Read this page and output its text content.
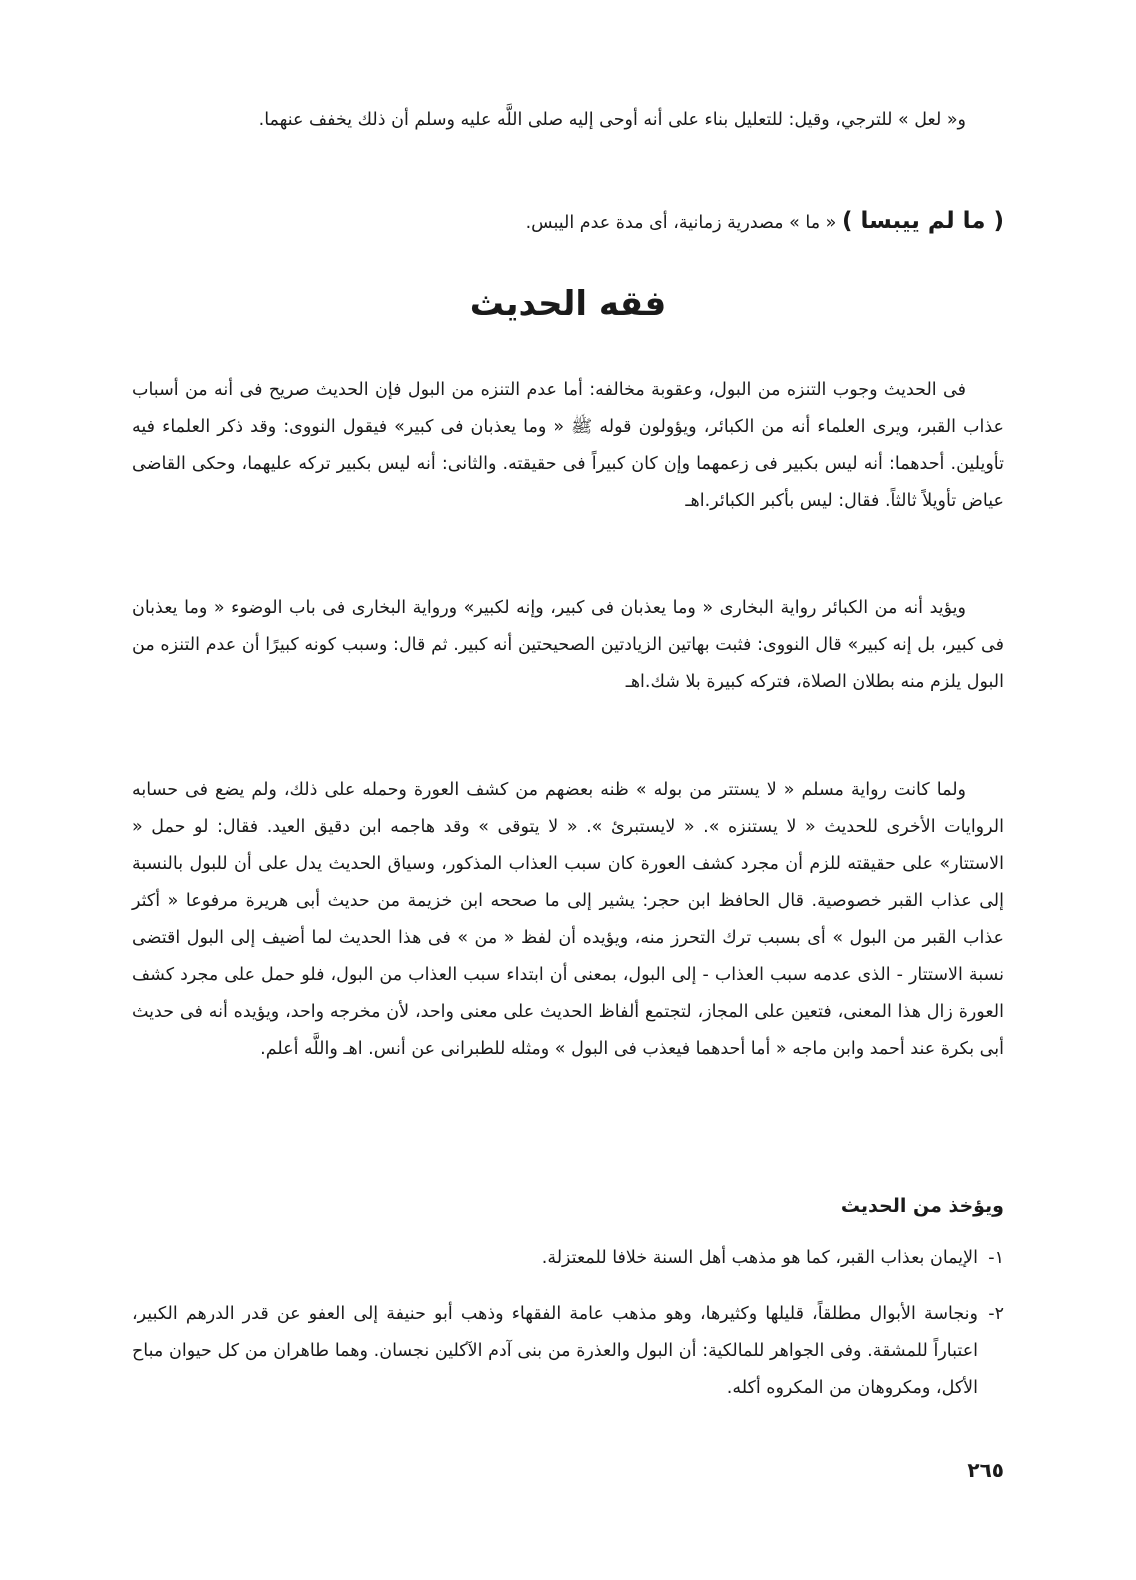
و« لعل » للترجي، وقيل: للتعليل بناء على أنه أوحى إليه صلى اللَّه عليه وسلم أن ذلك يخفف عنهما.

( ما لم ييبسا ) « ما » مصدرية زمانية، أى مدة عدم اليبس.

فقه الحديث

فى الحديث وجوب التنزه من البول، وعقوبة مخالفه: أما عدم التنزه من البول فإن الحديث صريح فى أنه من أسباب عذاب القبر، ويرى العلماء أنه من الكبائر، ويؤولون قوله ﷺ « وما يعذبان فى كبير» فيقول النووى: وقد ذكر العلماء فيه تأويلين. أحدهما: أنه ليس بكبير فى زعمهما وإن كان كبيراً فى حقيقته. والثانى: أنه ليس بكبير تركه عليهما، وحكى القاضى عياض تأويلاً ثالثاً. فقال: ليس بأكبر الكبائر.اهـ

ويؤيد أنه من الكبائر رواية البخارى « وما يعذبان فى كبير، وإنه لكبير» ورواية البخارى فى باب الوضوء « وما يعذبان فى كبير، بل إنه كبير» قال النووى: فثبت بهاتين الزيادتين الصحيحتين أنه كبير. ثم قال: وسبب كونه كبيرًا أن عدم التنزه من البول يلزم منه بطلان الصلاة، فتركه كبيرة بلا شك.اهـ

ولما كانت رواية مسلم « لا يستتر من بوله » ظنه بعضهم من كشف العورة وحمله على ذلك، ولم يضع فى حسابه الروايات الأخرى للحديث « لا يستنزه ». « لايستبرئ ». « لا يتوقى » وقد هاجمه ابن دقيق العيد. فقال: لو حمل « الاستتار» على حقيقته للزم أن مجرد كشف العورة كان سبب العذاب المذكور، وسياق الحديث يدل على أن للبول بالنسبة إلى عذاب القبر خصوصية. قال الحافظ ابن حجر: يشير إلى ما صححه ابن خزيمة من حديث أبى هريرة مرفوعا « أكثر عذاب القبر من البول » أى بسبب ترك التحرز منه، ويؤيده أن لفظ « من » فى هذا الحديث لما أضيف إلى البول اقتضى نسبة الاستتار - الذى عدمه سبب العذاب - إلى البول، بمعنى أن ابتداء سبب العذاب من البول، فلو حمل على مجرد كشف العورة زال هذا المعنى، فتعين على المجاز، لتجتمع ألفاظ الحديث على معنى واحد، لأن مخرجه واحد، ويؤيده أنه فى حديث أبى بكرة عند أحمد وابن ماجه « أما أحدهما فيعذب فى البول » ومثله للطبرانى عن أنس. اهـ واللَّه أعلم.

ويؤخذ من الحديث
١-
الإيمان بعذاب القبر، كما هو مذهب أهل السنة خلافا للمعتزلة.
٢-
ونجاسة الأبوال مطلقاً، قليلها وكثيرها، وهو مذهب عامة الفقهاء وذهب أبو حنيفة إلى العفو عن قدر الدرهم الكبير، اعتباراً للمشقة. وفى الجواهر للمالكية: أن البول والعذرة من بنى آدم الآكلين نجسان. وهما طاهران من كل حيوان مباح الأكل، ومكروهان من المكروه أكله.
٢٦٥
